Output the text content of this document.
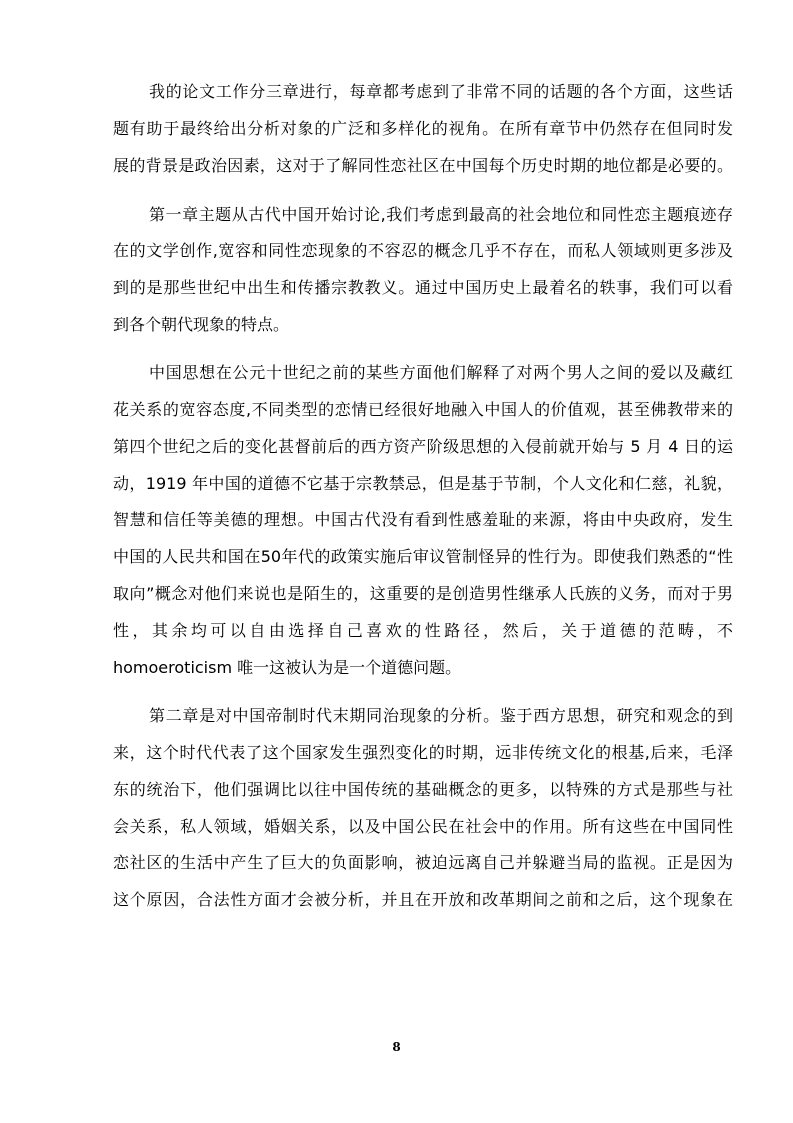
我的论文工作分三章进行，每章都考虑到了非常不同的话题的各个方面，这些话
题有助于最终给出分析对象的广泛和多样化的视角。在所有章节中仍然存在但同时发
展的背景是政治因素，这对于了解同性恋社区在中国每个历史时期的地位都是必要的。
第一章主题从古代中国开始讨论,我们考虑到最高的社会地位和同性恋主题痕迹存
在的文学创作,宽容和同性恋现象的不容忍的概念几乎不存在，而私人领域则更多涉及
到的是那些世纪中出生和传播宗教教义。通过中国历史上最着名的轶事，我们可以看
到各个朝代现象的特点。
中国思想在公元十世纪之前的某些方面他们解释了对两个男人之间的爱以及藏红
花关系的宽容态度,不同类型的恋情已经很好地融入中国人的价值观，甚至佛教带来的
第四个世纪之后的变化甚督前后的西方资产阶级思想的入侵前就开始与 5 月 4 日的运
动，1919 年中国的道德不它基于宗教禁忌，但是基于节制，个人文化和仁慈，礼貌，
智慧和信任等美德的理想。中国古代没有看到性感羞耻的来源，将由中央政府，发生
中国的人民共和国在50年代的政策实施后审议管制怪异的性行为。即使我们熟悉的“性
取向”概念对他们来说也是陌生的，这重要的是创造男性继承人氏族的义务，而对于男
性，其余均可以自由选择自己喜欢的性路径，然后，关于道德的范畴，不
homoeroticism 唯一这被认为是一个道德问题。
第二章是对中国帝制时代末期同治现象的分析。鉴于西方思想，研究和观念的到
来，这个时代代表了这个国家发生强烈变化的时期，远非传统文化的根基,后来，毛泽
东的统治下，他们强调比以往中国传统的基础概念的更多，以特殊的方式是那些与社
会关系，私人领域，婚姻关系，以及中国公民在社会中的作用。所有这些在中国同性
恋社区的生活中产生了巨大的负面影响，被迫远离自己并躲避当局的监视。正是因为
这个原因，合法性方面才会被分析，并且在开放和改革期间之前和之后，这个现象在
8
